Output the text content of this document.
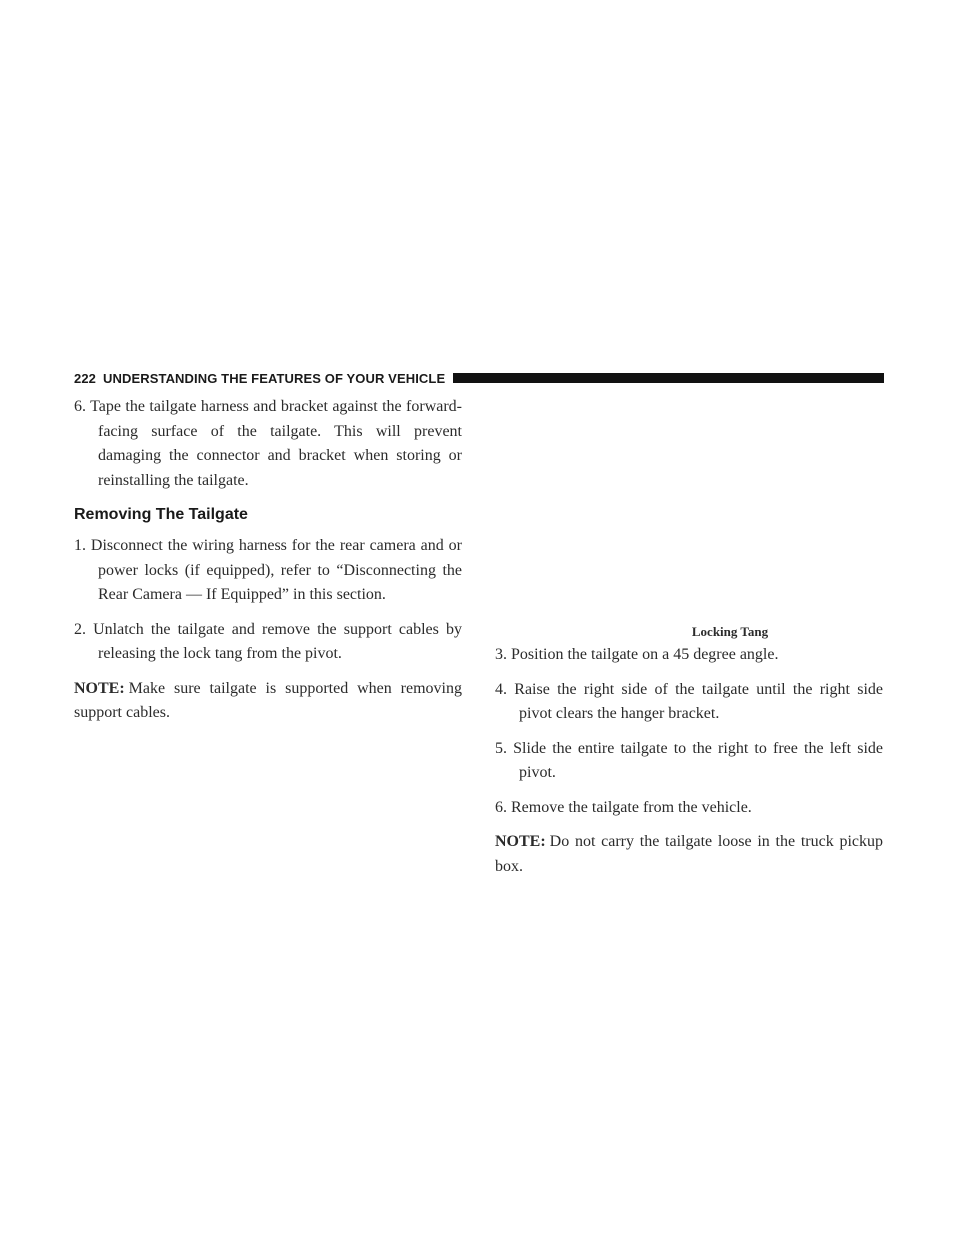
222 UNDERSTANDING THE FEATURES OF YOUR VEHICLE

6. Tape the tailgate harness and bracket against the forward-facing surface of the tailgate. This will prevent damaging the connector and bracket when storing or reinstalling the tailgate.

Removing The Tailgate

1. Disconnect the wiring harness for the rear camera and or power locks (if equipped), refer to “Disconnecting the Rear Camera — If Equipped” in this section.

2. Unlatch the tailgate and remove the support cables by releasing the lock tang from the pivot.

NOTE: Make sure tailgate is supported when removing support cables.

Locking Tang

3. Position the tailgate on a 45 degree angle.

4. Raise the right side of the tailgate until the right side pivot clears the hanger bracket.

5. Slide the entire tailgate to the right to free the left side pivot.

6. Remove the tailgate from the vehicle.

NOTE: Do not carry the tailgate loose in the truck pickup box.
